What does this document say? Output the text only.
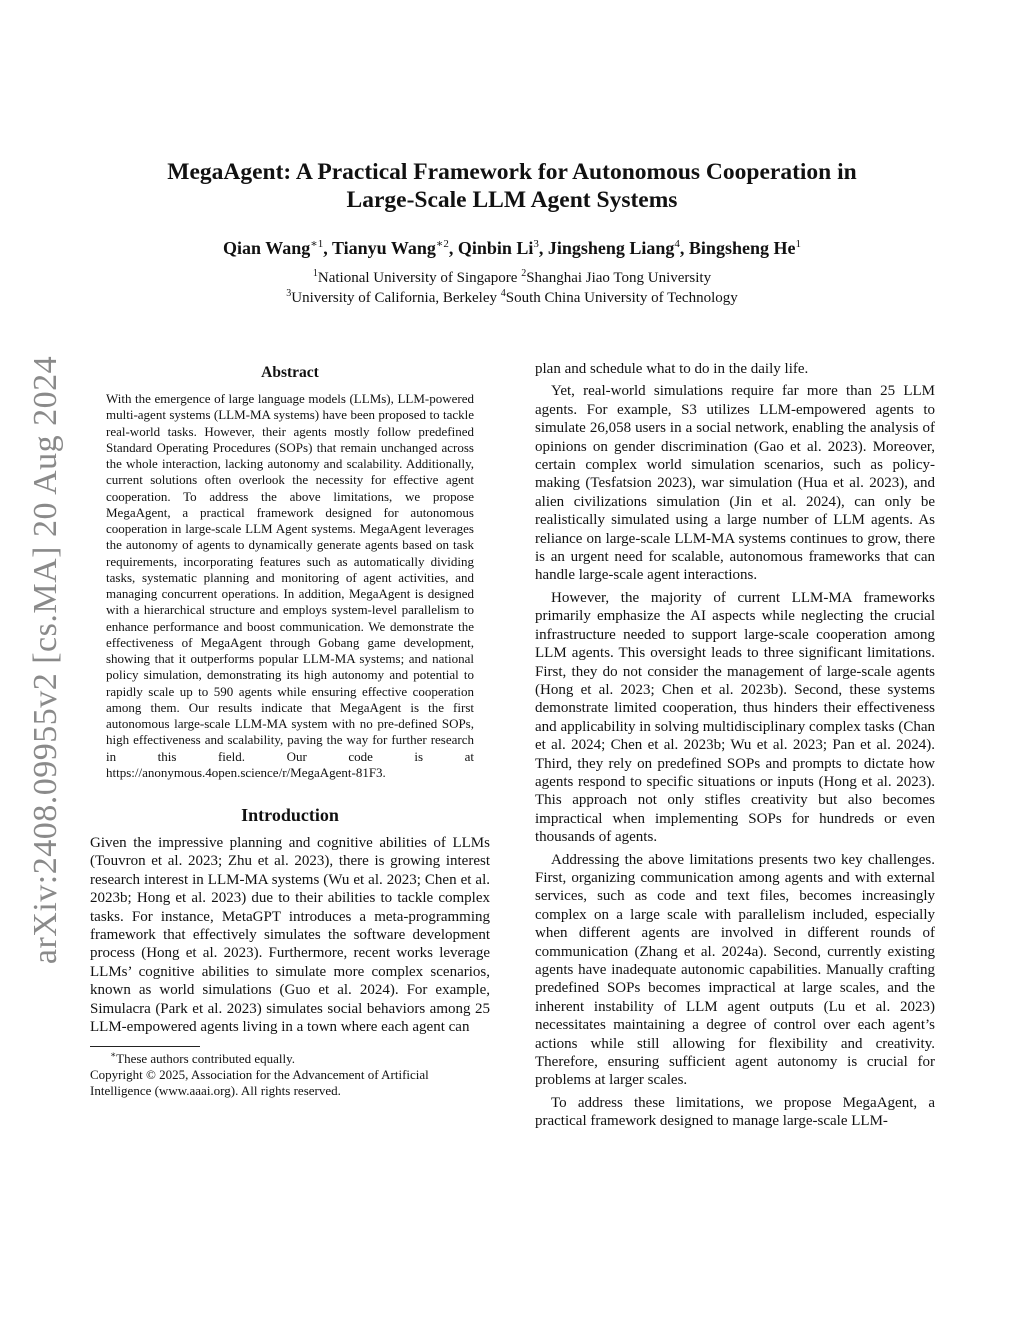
MegaAgent: A Practical Framework for Autonomous Cooperation in
Large-Scale LLM Agent Systems
Qian Wang$^{∗1}$, Tianyu Wang$^{∗2}$, Qinbin Li$^3$, Jingsheng Liang$^4$, Bingsheng He$^1$
$^1$National University of Singapore $^2$Shanghai Jiao Tong University
$^3$University of California, Berkeley $^4$South China University of Technology
arXiv:2408.09955v2 [cs.MA] 20 Aug 2024	Abstract
With the emergence of large language models (LLMs), LLM-powered multi-agent systems (LLM-MA systems) have been proposed to tackle real-world tasks. However, their agents mostly follow predefined Standard Operating Procedures (SOPs) that remain unchanged across the whole interaction, lacking autonomy and scalability. Additionally, current solutions often overlook the necessity for effective agent cooperation. To address the above limitations, we propose MegaAgent, a practical framework designed for autonomous cooperation in large-scale LLM Agent systems. MegaAgent leverages the autonomy of agents to dynamically generate agents based on task requirements, incorporating features such as automatically dividing tasks, systematic planning and monitoring of agent activities, and managing concurrent operations. In addition, MegaAgent is designed with a hierarchical structure and employs system-level parallelism to enhance performance and boost communication. We demonstrate the effectiveness of MegaAgent through Gobang game development, showing that it outperforms popular LLM-MA systems; and national policy simulation, demonstrating its high autonomy and potential to rapidly scale up to 590 agents while ensuring effective cooperation among them. Our results indicate that MegaAgent is the first autonomous large-scale LLM-MA system with no pre-defined SOPs, high effectiveness and scalability, paving the way for further research in this field. Our code is at https://anonymous.4open.science/r/MegaAgent-81F3.
Introduction

Given the impressive planning and cognitive abilities of LLMs (Touvron et al. 2023; Zhu et al. 2023), there is growing interest research interest in LLM-MA systems (Wu et al. 2023; Chen et al. 2023b; Hong et al. 2023) due to their abilities to tackle complex tasks. For instance, MetaGPT introduces a meta-programming framework that effectively simulates the software development process (Hong et al. 2023). Furthermore, recent works leverage LLMs’ cognitive abilities to simulate more complex scenarios, known as world simulations (Guo et al. 2024). For example, Simulacra (Park et al. 2023) simulates social behaviors among 25 LLM-empowered agents living in a town where each agent can

∗These authors contributed equally.
Copyright © 2025, Association for the Advancement of Artificial
Intelligence (www.aaai.org). All rights reserved.

plan and schedule what to do in the daily life.

Yet, real-world simulations require far more than 25 LLM agents. For example, S3 utilizes LLM-empowered agents to simulate 26,058 users in a social network, enabling the analysis of opinions on gender discrimination (Gao et al. 2023). Moreover, certain complex world simulation scenarios, such as policy-making (Tesfatsion 2023), war simulation (Hua et al. 2023), and alien civilizations simulation (Jin et al. 2024), can only be realistically simulated using a large number of LLM agents. As reliance on large-scale LLM-MA systems continues to grow, there is an urgent need for scalable, autonomous frameworks that can handle large-scale agent interactions.

However, the majority of current LLM-MA frameworks primarily emphasize the AI aspects while neglecting the crucial infrastructure needed to support large-scale cooperation among LLM agents. This oversight leads to three significant limitations. First, they do not consider the management of large-scale agents (Hong et al. 2023; Chen et al. 2023b). Second, these systems demonstrate limited cooperation, thus hinders their effectiveness and applicability in solving multidisciplinary complex tasks (Chan et al. 2024; Chen et al. 2023b; Wu et al. 2023; Pan et al. 2024). Third, they rely on predefined SOPs and prompts to dictate how agents respond to specific situations or inputs (Hong et al. 2023). This approach not only stifles creativity but also becomes impractical when implementing SOPs for hundreds or even thousands of agents.

Addressing the above limitations presents two key challenges. First, organizing communication among agents and with external services, such as code and text files, becomes increasingly complex on a large scale with parallelism included, especially when different agents are involved in different rounds of communication (Zhang et al. 2024a). Second, currently existing agents have inadequate autonomic capabilities. Manually crafting predefined SOPs becomes impractical at large scales, and the inherent instability of LLM agent outputs (Lu et al. 2023) necessitates maintaining a degree of control over each agent’s actions while still allowing for flexibility and creativity. Therefore, ensuring sufficient agent autonomy is crucial for problems at larger scales.

To address these limitations, we propose MegaAgent, a practical framework designed to manage large-scale LLM-
